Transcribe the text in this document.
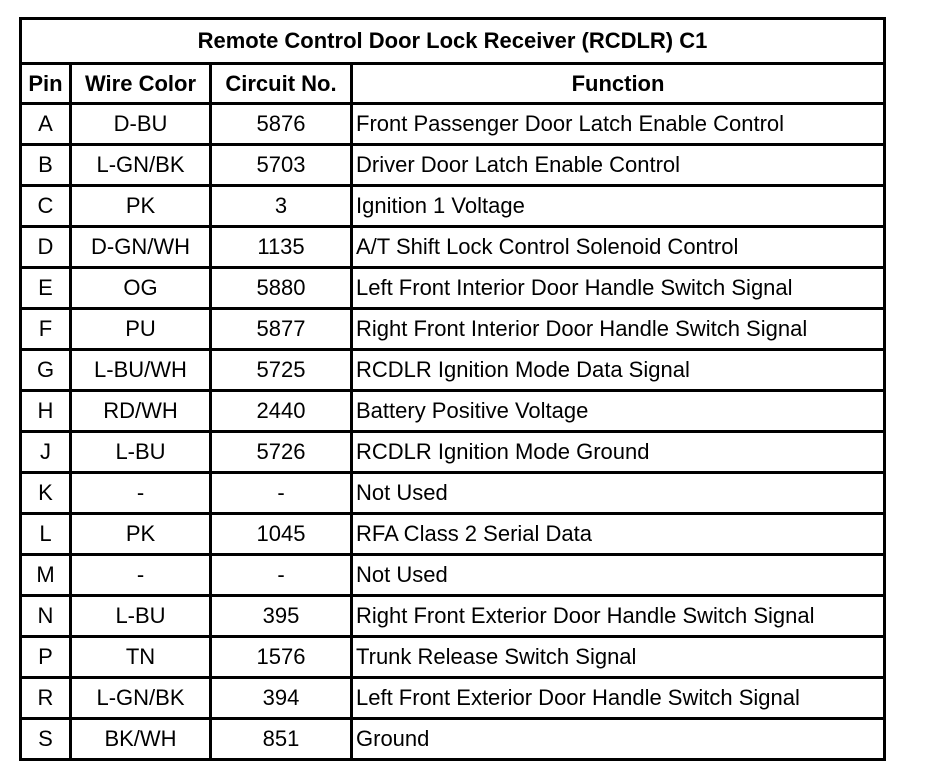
Remote Control Door Lock Receiver (RCDLR) C1			
Pin	Wire Color	Circuit No.	Function
A	D-BU	5876	Front Passenger Door Latch Enable Control
B	L-GN/BK	5703	Driver Door Latch Enable Control
C	PK	3	Ignition 1 Voltage
D	D-GN/WH	1135	A/T Shift Lock Control Solenoid Control
E	OG	5880	Left Front Interior Door Handle Switch Signal
F	PU	5877	Right Front Interior Door Handle Switch Signal
G	L-BU/WH	5725	RCDLR Ignition Mode Data Signal
H	RD/WH	2440	Battery Positive Voltage
J	L-BU	5726	RCDLR Ignition Mode Ground
K	-	-	Not Used
L	PK	1045	RFA Class 2 Serial Data
M	-	-	Not Used
N	L-BU	395	Right Front Exterior Door Handle Switch Signal
P	TN	1576	Trunk Release Switch Signal
R	L-GN/BK	394	Left Front Exterior Door Handle Switch Signal
S	BK/WH	851	Ground
